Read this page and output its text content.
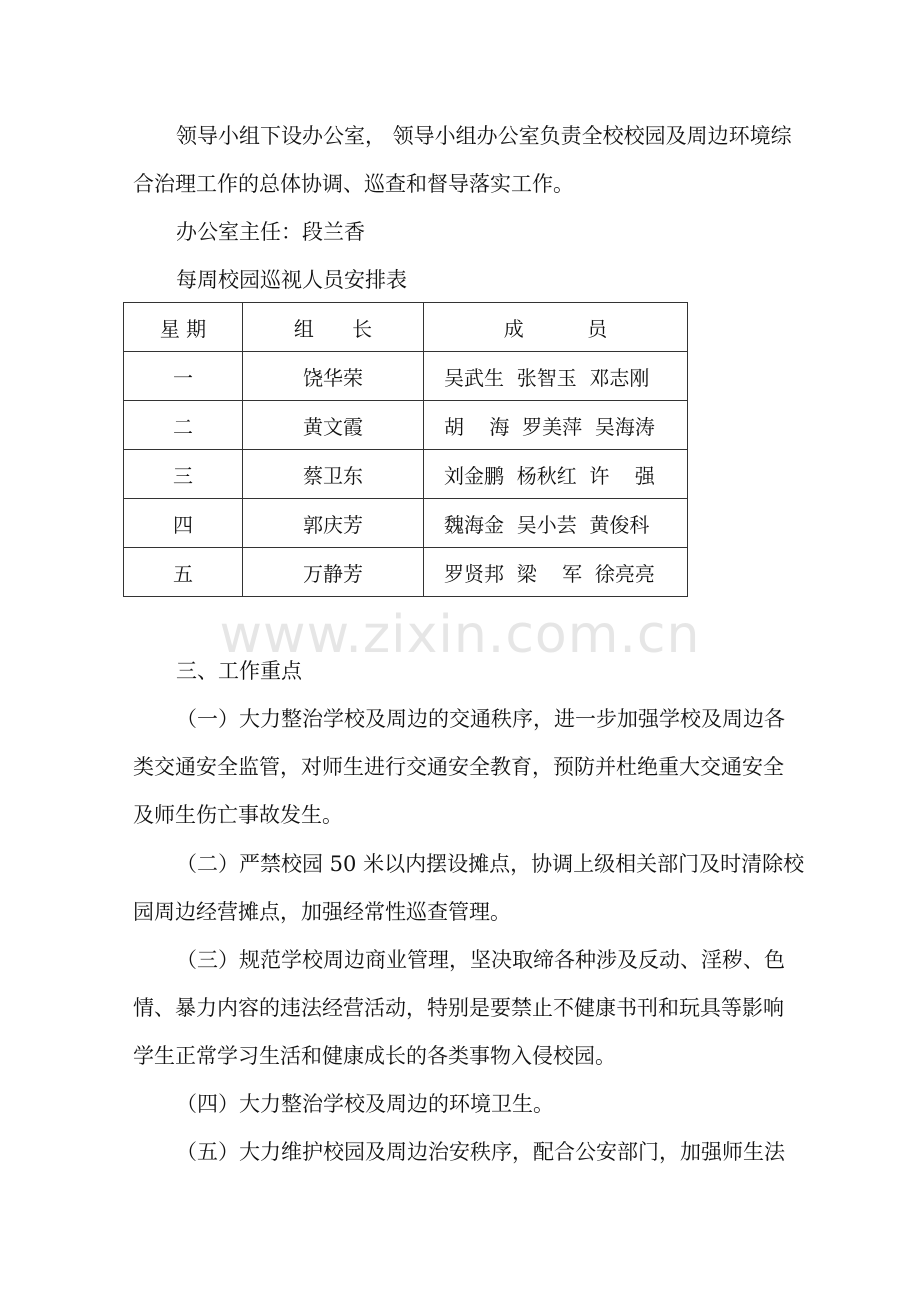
领导小组下设办公室， 领导小组办公室负责全校校园及周边环境综
合治理工作的总体协调、巡查和督导落实工作。
办公室主任：段兰香
每周校园巡视人员安排表
星 期	组      长	成          员
一	饶华荣	吴武生  张智玉  邓志刚
二	黄文霞	胡    海  罗美萍  吴海涛
三	蔡卫东	刘金鹏  杨秋红  许    强
四	郭庆芳	魏海金  吴小芸  黄俊科
五	万静芳	罗贤邦  梁    军  徐亮亮
www.zixin.com.cn
三、工作重点
（一）大力整治学校及周边的交通秩序，进一步加强学校及周边各
类交通安全监管，对师生进行交通安全教育，预防并杜绝重大交通安全
及师生伤亡事故发生。
（二）严禁校园 50 米以内摆设摊点，协调上级相关部门及时清除校
园周边经营摊点，加强经常性巡查管理。
（三）规范学校周边商业管理，坚决取缔各种涉及反动、淫秽、色
情、暴力内容的违法经营活动，特别是要禁止不健康书刊和玩具等影响
学生正常学习生活和健康成长的各类事物入侵校园。
（四）大力整治学校及周边的环境卫生。
（五）大力维护校园及周边治安秩序，配合公安部门，加强师生法
